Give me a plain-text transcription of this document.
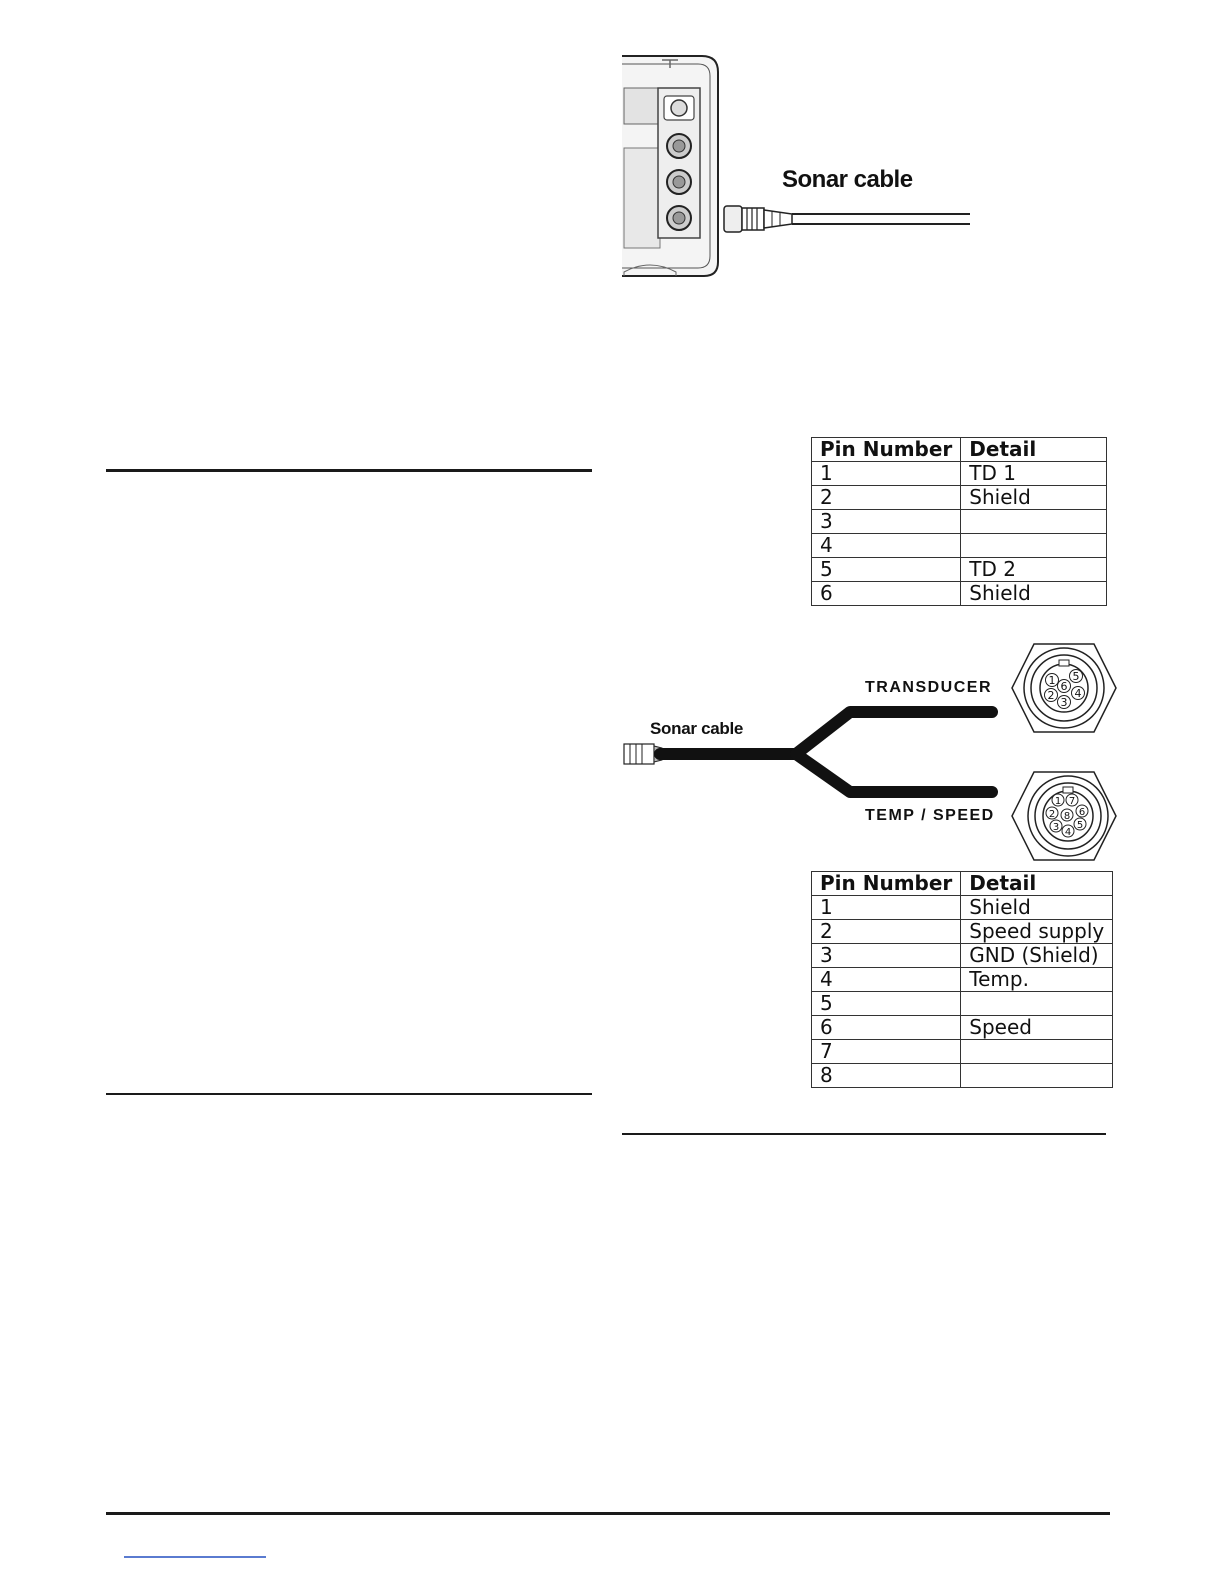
Sonar cable
Pin Number	Detail
1	TD 1
2	Shield
3	
4	
5	TD 2
6	Shield
1
2
3
4
5
6
1
2
3 4
5
6
7
8
Sonar cable
TRANSDUCER
TEMP / SPEED
Pin Number	Detail
1	Shield
2	Speed supply
3	GND (Shield)
4	Temp.
5	
6	Speed
7	
8	
